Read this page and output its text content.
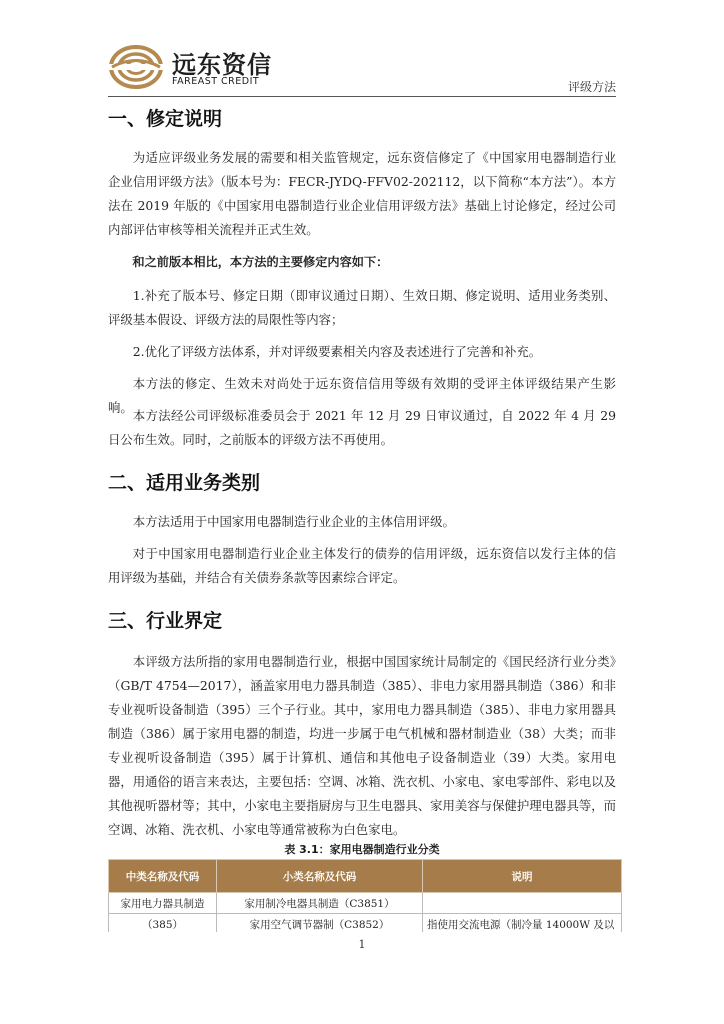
远东资信
FAREAST CREDIT	评级方法
一、修定说明

为适应评级业务发展的需要和相关监管规定，远东资信修定了《中国家用电器制造行业企业信用评级方法》（版本号为：FECR-JYDQ-FFV02-202112，以下简称“本方法”）。本方法在 2019 年版的《中国家用电器制造行业企业信用评级方法》基础上讨论修定，经过公司内部评估审核等相关流程并正式生效。

和之前版本相比，本方法的主要修定内容如下：

1.补充了版本号、修定日期（即审议通过日期）、生效日期、修定说明、适用业务类别、评级基本假设、评级方法的局限性等内容；

2.优化了评级方法体系，并对评级要素相关内容及表述进行了完善和补充。

本方法的修定、生效未对尚处于远东资信信用等级有效期的受评主体评级结果产生影响。

本方法经公司评级标准委员会于 2021 年 12 月 29 日审议通过，自 2022 年 4 月 29 日公布生效。同时，之前版本的评级方法不再使用。

二、适用业务类别

本方法适用于中国家用电器制造行业企业的主体信用评级。

对于中国家用电器制造行业企业主体发行的债券的信用评级，远东资信以发行主体的信用评级为基础，并结合有关债券条款等因素综合评定。

三、行业界定

本评级方法所指的家用电器制造行业，根据中国国家统计局制定的《国民经济行业分类》（GB/T 4754—2017），涵盖家用电力器具制造（385）、非电力家用器具制造（386）和非专业视听设备制造（395）三个子行业。其中，家用电力器具制造（385）、非电力家用器具制造（386）属于家用电器的制造，均进一步属于电气机械和器材制造业（38）大类；而非专业视听设备制造（395）属于计算机、通信和其他电子设备制造业（39）大类。家用电器，用通俗的语言来表达，主要包括：空调、冰箱、洗衣机、小家电、家电零部件、彩电以及其他视听器材等；其中，小家电主要指厨房与卫生电器具、家用美容与保健护理电器具等，而空调、冰箱、洗衣机、小家电等通常被称为白色家电。

表 3.1：家用电器制造行业分类
中类名称及代码	小类名称及代码	说明
家用电力器具制造	家用制冷电器具制造（C3851）	
（385）	家用空气调节器制（C3852）	指使用交流电源（制冷量 14000W 及以
1
